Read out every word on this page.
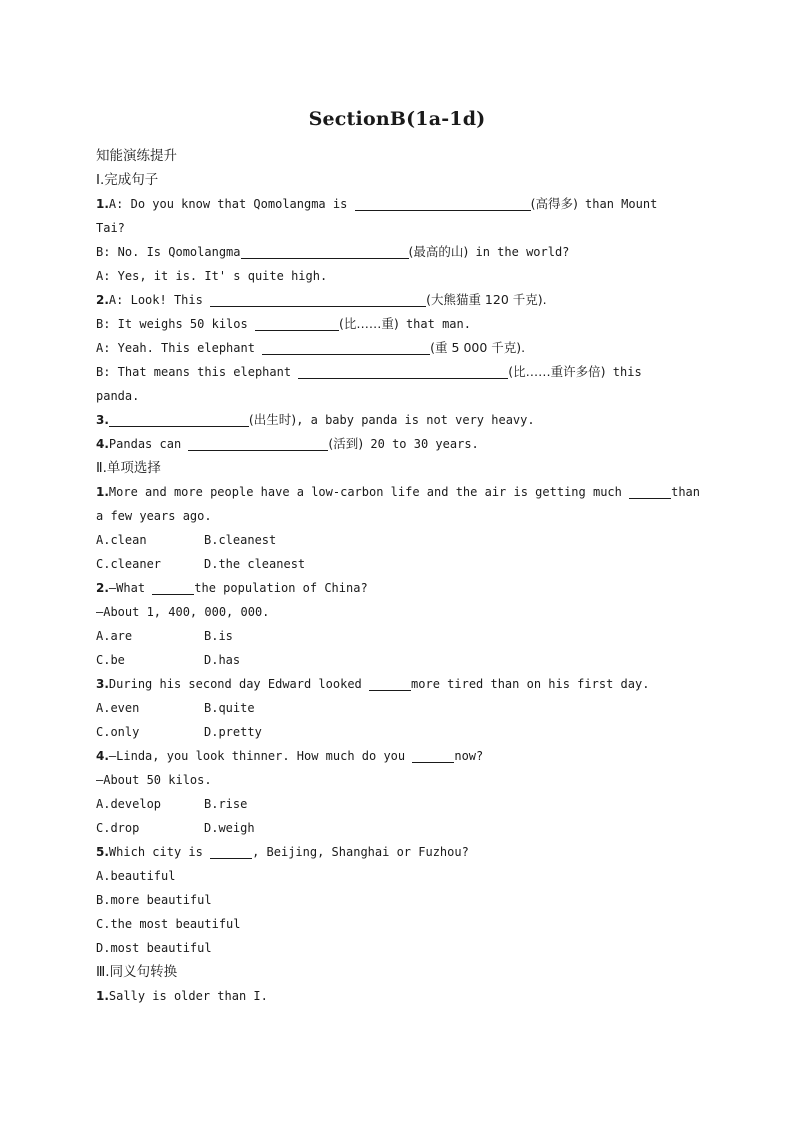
SectionB(1a-1d)
知能演练提升
Ⅰ.完成句子
1.A: Do you know that Qomolangma is	(高得多) than Mount
Tai?
B: No. Is Qomolangma	(最高的山) in the world?
A: Yes, it is. It' s quite high.
2.A: Look! This	(大熊猫重 120 千克).
B: It weighs 50 kilos	(比……重) that man.
A: Yeah. This elephant	(重 5 000 千克).
B: That means this elephant	(比……重许多倍) this
panda.
3.	(出生时), a baby panda is not very heavy.
4.Pandas can	(活到) 20 to 30 years.
Ⅱ.单项选择
1.More and more people have a low-carbon life and the air is getting much	than
a few years ago.
A.clean	B.cleanest
C.cleaner	D.the cleanest
2.—What	the population of China?
—About 1, 400, 000, 000.
A.are	B.is
C.be	D.has
3.During his second day Edward looked	more tired than on his first day.
A.even	B.quite
C.only	D.pretty
4.—Linda, you look thinner. How much do you	now?
—About 50 kilos.
A.develop	B.rise
C.drop	D.weigh
5.Which city is	, Beijing, Shanghai or Fuzhou?
A.beautiful
B.more beautiful
C.the most beautiful
D.most beautiful
Ⅲ.同义句转换
1.Sally is older than I.
